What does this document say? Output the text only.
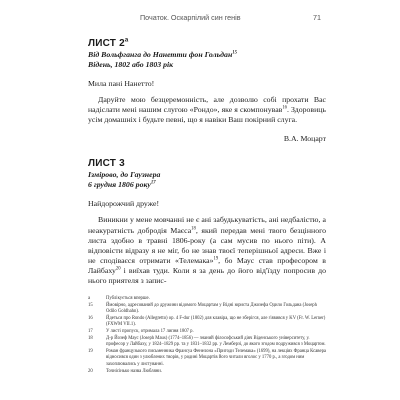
Початок. Оскарпілий син генів	71

ЛИСТ 2$^a$

Від Вольфганга до Нанетти фон Гольдан$^{15}$

Відень, 1802 або 1803 рік

Мила пані Нанетто!

Даруйте мою безцеремонність, але дозволю собі прохати Вас надіслати мені нашим слугою «Рондо», яке я скомпонував$^{16}$. Здоровиць усім домашніх і будьте певні, що я навіки Ваш покірний слуга.

В.А. Моцарт

ЛИСТ 3

Ізмірово, до Гаузнера

6 грудня 1806 року$^{17}$

Найдорожчий друже!

Виникни у мене мовчанні не є ані забудькуватість, ані недбалістю, а неакуратність добродія Маєса$^{18}$, який передав мені твого безцінного листа здобно в травні 1806-року (а сам мусив по нього піти). А відповісти відразу я не міг, бо не знав твоєї теперішньої адреси. Вже і не сподіваєся отримати «Телемака»$^{19}$, бо Маус став професором в Лайбаху$^{20}$ і виїхав туди. Коли я за день до його від'їзду попросив до нього приятеля з запис-

a	Публікується вперше.
15	Ймовірно, адресований до дружини відомого Моцартам у Відні юриста Джозефа Одило Гольдана (Joseph Odilo Goldhahn).
16	Йдеться про Rondo (Allegretto) op. 4 F-dur (1802) для клавіра, що не зберігся, але з'явився у KV (Fr. W. Lerner) (FXWM VII.1).
17	У листі пропуск, отримала 17 липня 1807 р.
18	Д-р Йозеф Маус (Joseph Maus) (1774–1856) — знаний філософський діяч Віденського університету, у. професор у Лайбаху, у 1824–1829 pp. та у 1831–1832 pp. у Лемберзі, до якого згодом подружився з Моцартом.
19	Роман французького письменника Франсуа Фенелона «Пригоди Телемака» (1699), на лекціях Франца Ксавера відносився один з улюблених творів, у родині Моцартів його читали вголос у 1770 р., а згодом ним захоплювались у листуванні.
20	Точнісінько назва Любляни.
